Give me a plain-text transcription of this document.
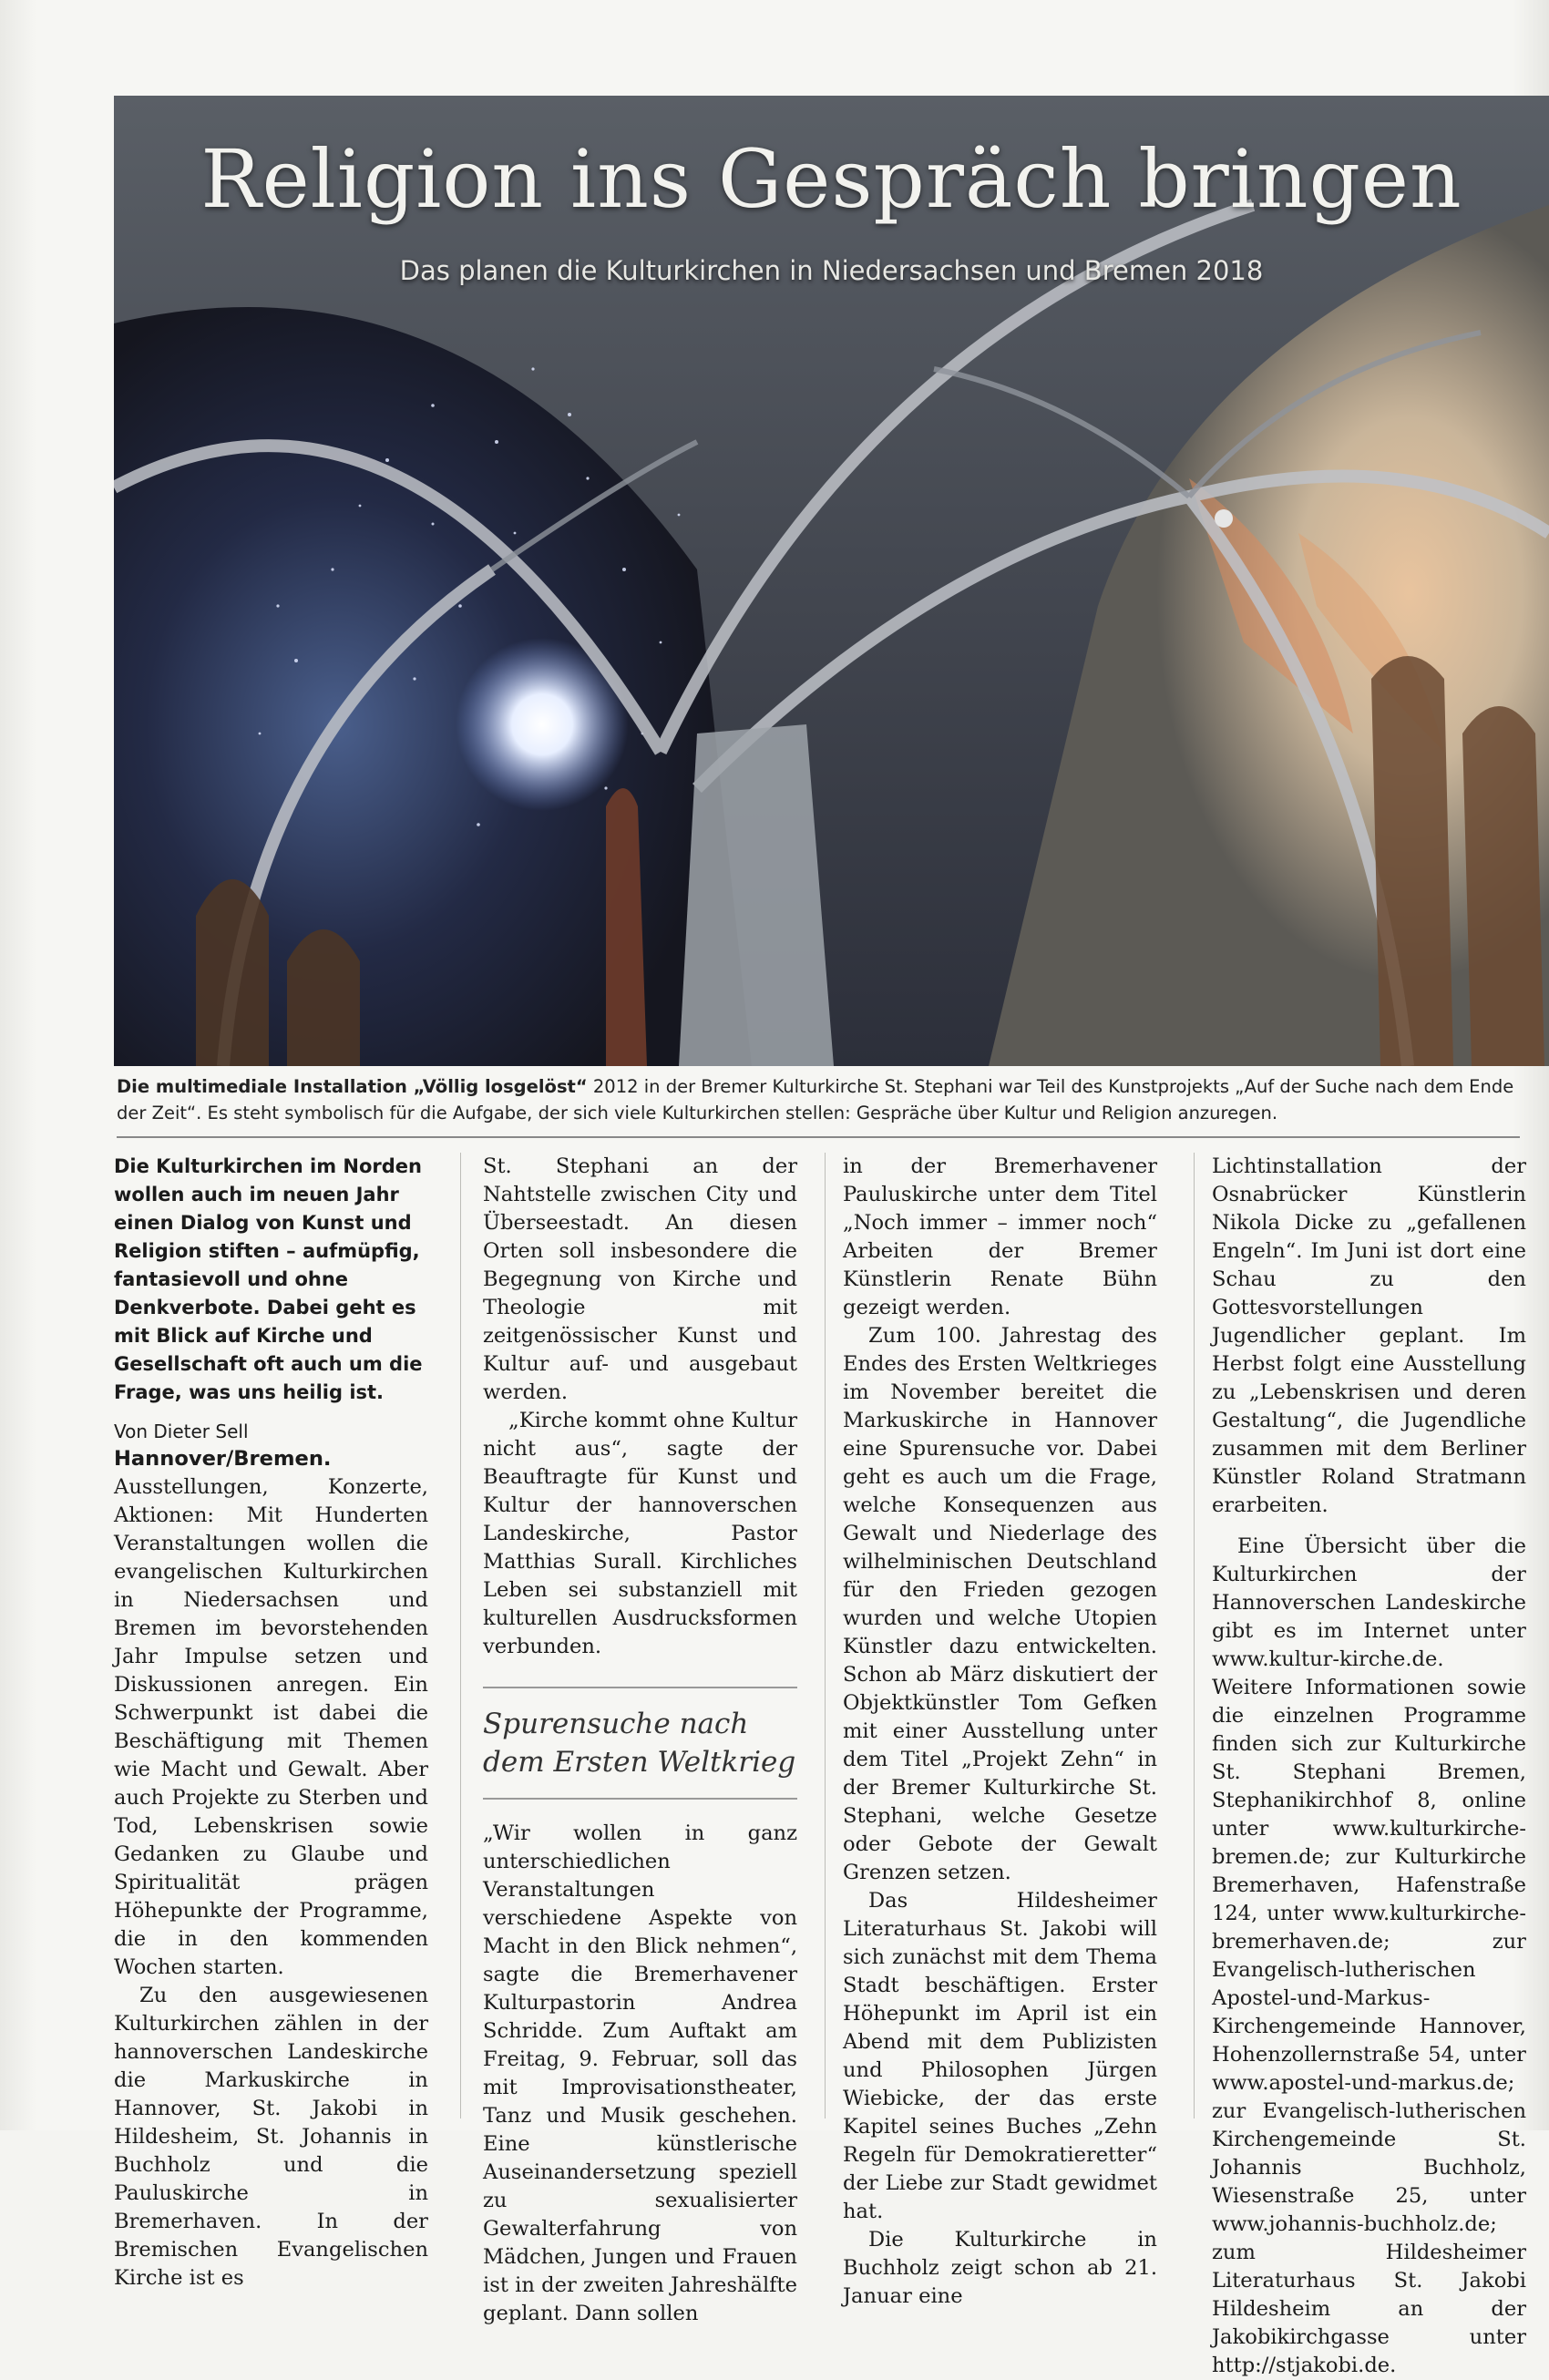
Religion ins Gespräch bringen
Das planen die Kulturkirchen in Niedersachsen und Bremen 2018
Die multimediale Installation „Völlig losgelöst“ 2012 in der Bremer Kulturkirche St. Stephani war Teil des Kunstprojekts „Auf der Suche nach dem Ende der Zeit“. Es steht symbolisch für die Aufgabe, der sich viele Kulturkirchen stellen: Gespräche über Kultur und Religion anzuregen.

Die Kulturkirchen im Norden wollen auch im neuen Jahr einen Dialog von Kunst und Religion stiften – aufmüpfig, fantasievoll und ohne Denkverbote. Dabei geht es mit Blick auf Kirche und Gesellschaft oft auch um die Frage, was uns heilig ist.

Von Dieter Sell

Hannover/Bremen. Ausstellungen, Konzerte, Aktionen: Mit Hunderten Veranstaltungen wollen die evangelischen Kulturkirchen in Niedersachsen und Bremen im bevorstehenden Jahr Impulse setzen und Diskussionen anregen. Ein Schwerpunkt ist dabei die Beschäftigung mit Themen wie Macht und Gewalt. Aber auch Projekte zu Sterben und Tod, Lebenskrisen sowie Gedanken zu Glaube und Spiritualität prägen Höhepunkte der Programme, die in den kommenden Wochen starten.

Zu den ausgewiesenen Kulturkirchen zählen in der hannoverschen Landeskirche die Markuskirche in Hannover, St. Jakobi in Hildesheim, St. Johannis in Buchholz und die Pauluskirche in Bremerhaven. In der Bremischen Evangelischen Kirche ist es

St. Stephani an der Nahtstelle zwischen City und Überseestadt. An diesen Orten soll insbesondere die Begegnung von Kirche und Theologie mit zeitgenössischer Kunst und Kultur auf- und ausgebaut werden.

„Kirche kommt ohne Kultur nicht aus“, sagte der Beauftragte für Kunst und Kultur der hannoverschen Landeskirche, Pastor Matthias Surall. Kirchliches Leben sei substanziell mit kulturellen Ausdrucksformen verbunden.

Spurensuche nach dem Ersten Weltkrieg

„Wir wollen in ganz unterschiedlichen Veranstaltungen verschiedene Aspekte von Macht in den Blick nehmen“, sagte die Bremerhavener Kulturpastorin Andrea Schridde. Zum Auftakt am Freitag, 9. Februar, soll das mit Improvisationstheater, Tanz und Musik geschehen. Eine künstlerische Auseinandersetzung speziell zu sexualisierter Gewalterfahrung von Mädchen, Jungen und Frauen ist in der zweiten Jahreshälfte geplant. Dann sollen

in der Bremerhavener Pauluskirche unter dem Titel „Noch immer – immer noch“ Arbeiten der Bremer Künstlerin Renate Bühn gezeigt werden.

Zum 100. Jahrestag des Endes des Ersten Weltkrieges im November bereitet die Markuskirche in Hannover eine Spurensuche vor. Dabei geht es auch um die Frage, welche Konsequenzen aus Gewalt und Niederlage des wilhelminischen Deutschland für den Frieden gezogen wurden und welche Utopien Künstler dazu entwickelten. Schon ab März diskutiert der Objektkünstler Tom Gefken mit einer Ausstellung unter dem Titel „Projekt Zehn“ in der Bremer Kulturkirche St. Stephani, welche Gesetze oder Gebote der Gewalt Grenzen setzen.

Das Hildesheimer Literaturhaus St. Jakobi will sich zunächst mit dem Thema Stadt beschäftigen. Erster Höhepunkt im April ist ein Abend mit dem Publizisten und Philosophen Jürgen Wiebicke, der das erste Kapitel seines Buches „Zehn Regeln für Demokratieretter“ der Liebe zur Stadt gewidmet hat.

Die Kulturkirche in Buchholz zeigt schon ab 21. Januar eine

Lichtinstallation der Osnabrücker Künstlerin Nikola Dicke zu „gefallenen Engeln“. Im Juni ist dort eine Schau zu den Gottesvorstellungen Jugendlicher geplant. Im Herbst folgt eine Ausstellung zu „Lebenskrisen und deren Gestaltung“, die Jugendliche zusammen mit dem Berliner Künstler Roland Stratmann erarbeiten.

Eine Übersicht über die Kulturkirchen der Hannoverschen Landeskirche gibt es im Internet unter www.kultur-kirche.de. Weitere Informationen sowie die einzelnen Programme finden sich zur Kulturkirche St. Stephani Bremen, Stephanikirchhof 8, online unter www.kulturkirche-bremen.de; zur Kulturkirche Bremerhaven, Hafenstraße 124, unter www.kulturkirche-bremerhaven.de; zur Evangelisch-lutherischen Apostel-und-Markus-Kirchengemeinde Hannover, Hohenzollernstraße 54, unter www.apostel-und-markus.de; zur Evangelisch-lutherischen Kirchengemeinde St. Johannis Buchholz, Wiesenstraße 25, unter www.johannis-buchholz.de; zum Hildesheimer Literaturhaus St. Jakobi Hildesheim an der Jakobikirchgasse unter http://stjakobi.de.
